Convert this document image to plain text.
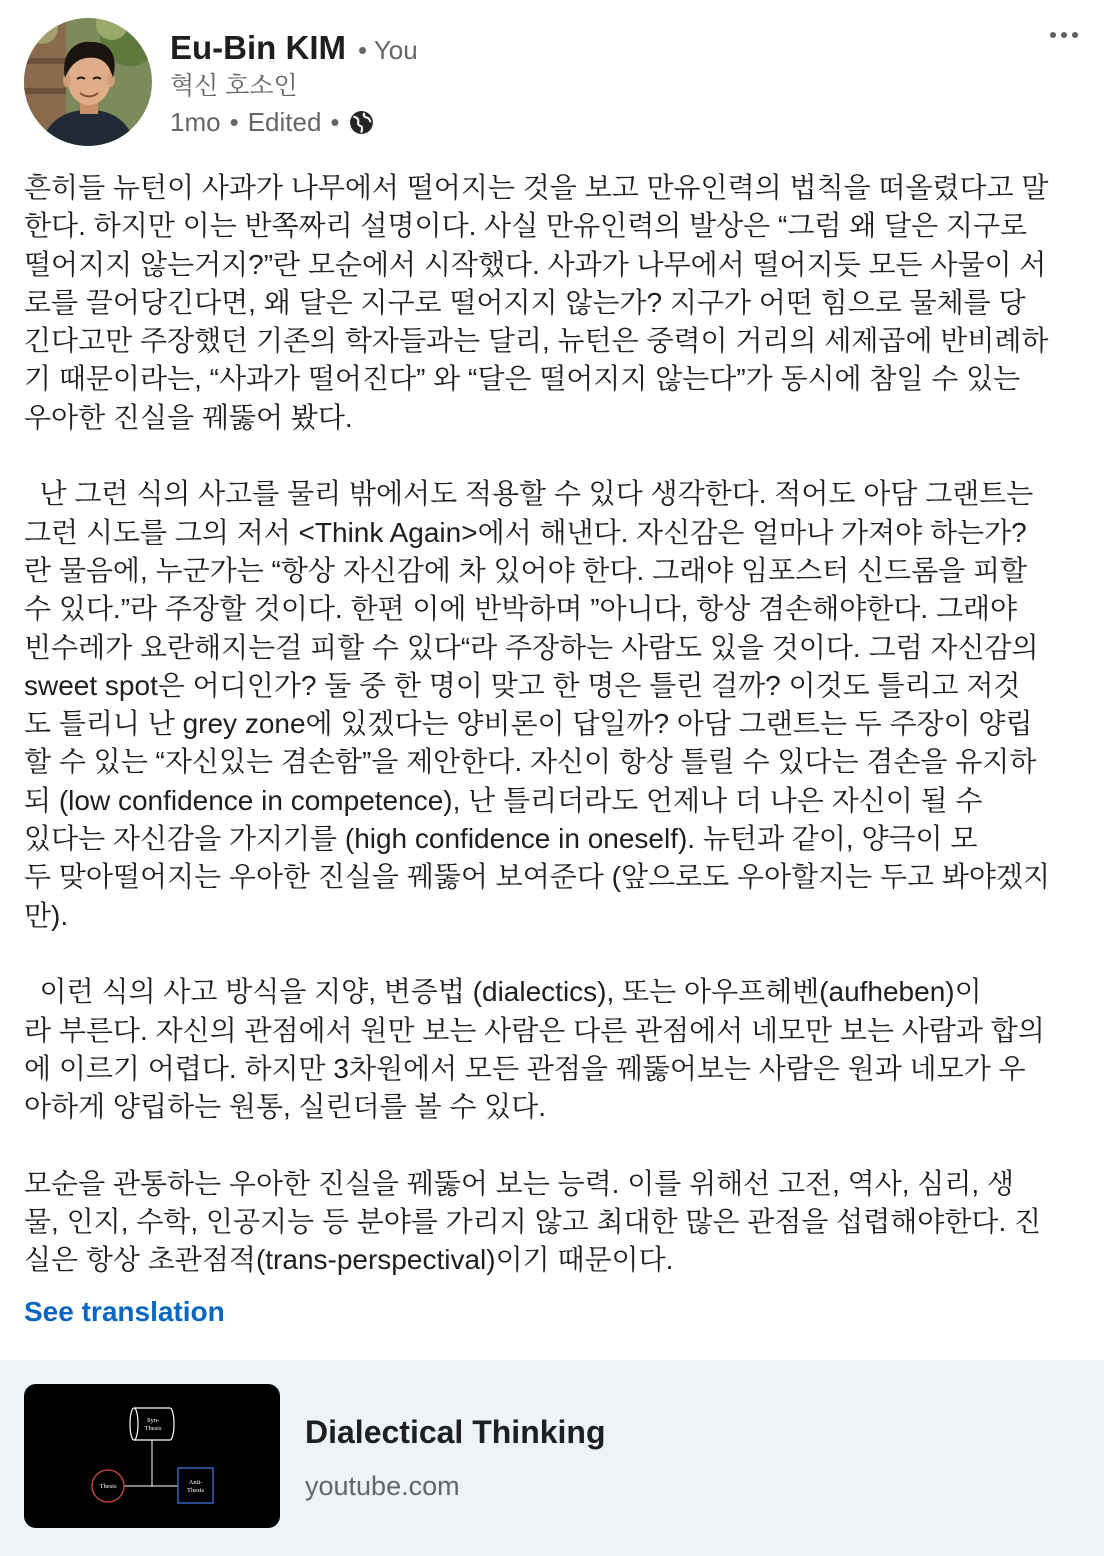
Eu-Bin KIM • You
혁신 호소인
1mo • Edited •
흔히들 뉴턴이 사과가 나무에서 떨어지는 것을 보고 만유인력의 법칙을 떠올렸다고 말
한다. 하지만 이는 반쪽짜리 설명이다. 사실 만유인력의 발상은 “그럼 왜 달은 지구로
떨어지지 않는거지?”란 모순에서 시작했다. 사과가 나무에서 떨어지듯 모든 사물이 서
로를 끌어당긴다면, 왜 달은 지구로 떨어지지 않는가? 지구가 어떤 힘으로 물체를 당
긴다고만 주장했던 기존의 학자들과는 달리, 뉴턴은 중력이 거리의 세제곱에 반비례하
기 때문이라는, “사과가 떨어진다” 와 “달은 떨어지지 않는다”가 동시에 참일 수 있는
우아한 진실을 꿰뚫어 봤다.
난 그런 식의 사고를 물리 밖에서도 적용할 수 있다 생각한다. 적어도 아담 그랜트는
그런 시도를 그의 저서 <Think Again>에서 해낸다. 자신감은 얼마나 가져야 하는가?
란 물음에, 누군가는 “항상 자신감에 차 있어야 한다. 그래야 임포스터 신드롬을 피할
수 있다.”라 주장할 것이다. 한편 이에 반박하며 ”아니다, 항상 겸손해야한다. 그래야
빈수레가 요란해지는걸 피할 수 있다“라 주장하는 사람도 있을 것이다. 그럼 자신감의
sweet spot은 어디인가? 둘 중 한 명이 맞고 한 명은 틀린 걸까? 이것도 틀리고 저것
도 틀리니 난 grey zone에 있겠다는 양비론이 답일까? 아담 그랜트는 두 주장이 양립
할 수 있는 “자신있는 겸손함”을 제안한다. 자신이 항상 틀릴 수 있다는 겸손을 유지하
되 (low confidence in competence), 난 틀리더라도 언제나 더 나은 자신이 될 수
있다는 자신감을 가지기를 (high confidence in oneself). 뉴턴과 같이, 양극이 모
두 맞아떨어지는 우아한 진실을 꿰뚫어 보여준다 (앞으로도 우아할지는 두고 봐야겠지
만).
이런 식의 사고 방식을 지양, 변증법 (dialectics), 또는 아우프헤벤(aufheben)이
라 부른다. 자신의 관점에서 원만 보는 사람은 다른 관점에서 네모만 보는 사람과 합의
에 이르기 어렵다. 하지만 3차원에서 모든 관점을 꿰뚫어보는 사람은 원과 네모가 우
아하게 양립하는 원통, 실린더를 볼 수 있다.
모순을 관통하는 우아한 진실을 꿰뚫어 보는 능력. 이를 위해선 고전, 역사, 심리, 생
물, 인지, 수학, 인공지능 등 분야를 가리지 않고 최대한 많은 관점을 섭렵해야한다. 진
실은 항상 초관점적(trans-perspectival)이기 때문이다.
See translation
Syn-
Thesis
Thesis
Anti-
Thesis
Dialectical Thinking
youtube.com
